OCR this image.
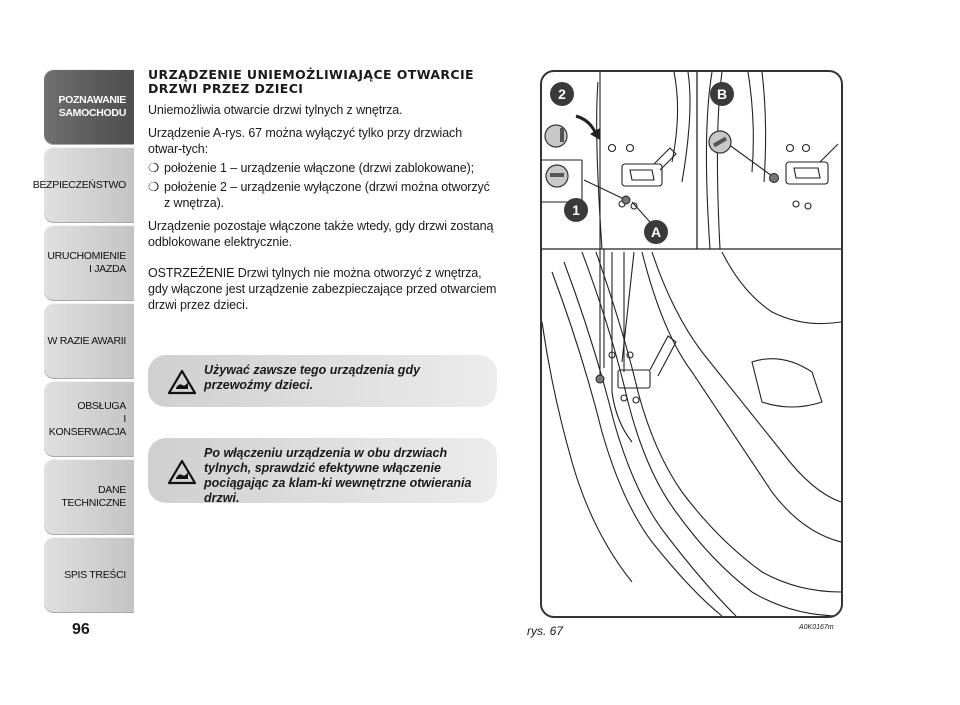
POZNAWANIE
SAMOCHODU
BEZPIECZEŃSTWO
URUCHOMIENIE
I JAZDA
W RAZIE AWARII
OBSŁUGA
I KONSERWACJA
DANE
TECHNICZNE
SPIS TREŚCI
96
URZĄDZENIE UNIEMOŻLIWIAJĄCE OTWARCIE
DRZWI PRZEZ DZIECI

Uniemożliwia otwarcie drzwi tylnych z wnętrza.

Urządzenie A-rys. 67 można wyłączyć tylko przy drzwiach otwar-tych:

❍ położenie 1 – urządzenie włączone (drzwi zablokowane);
❍ położenie 2 – urządzenie wyłączone (drzwi można otworzyć z wnętrza).

Urządzenie pozostaje włączone także wtedy, gdy drzwi zostaną odblokowane elektrycznie.

OSTRZEŻENIE Drzwi tylnych nie można otworzyć z wnętrza, gdy włączone jest urządzenie zabezpieczające przed otwarciem drzwi przez dzieci.

Używać zawsze tego urządzenia gdy przewoźmy dzieci.
Po włączeniu urządzenia w obu drzwiach tylnych, sprawdzić efektywne włączenie pociągając za klam-ki wewnętrzne otwierania drzwi.
2	B
1
A
rys. 67	A0K0167m
